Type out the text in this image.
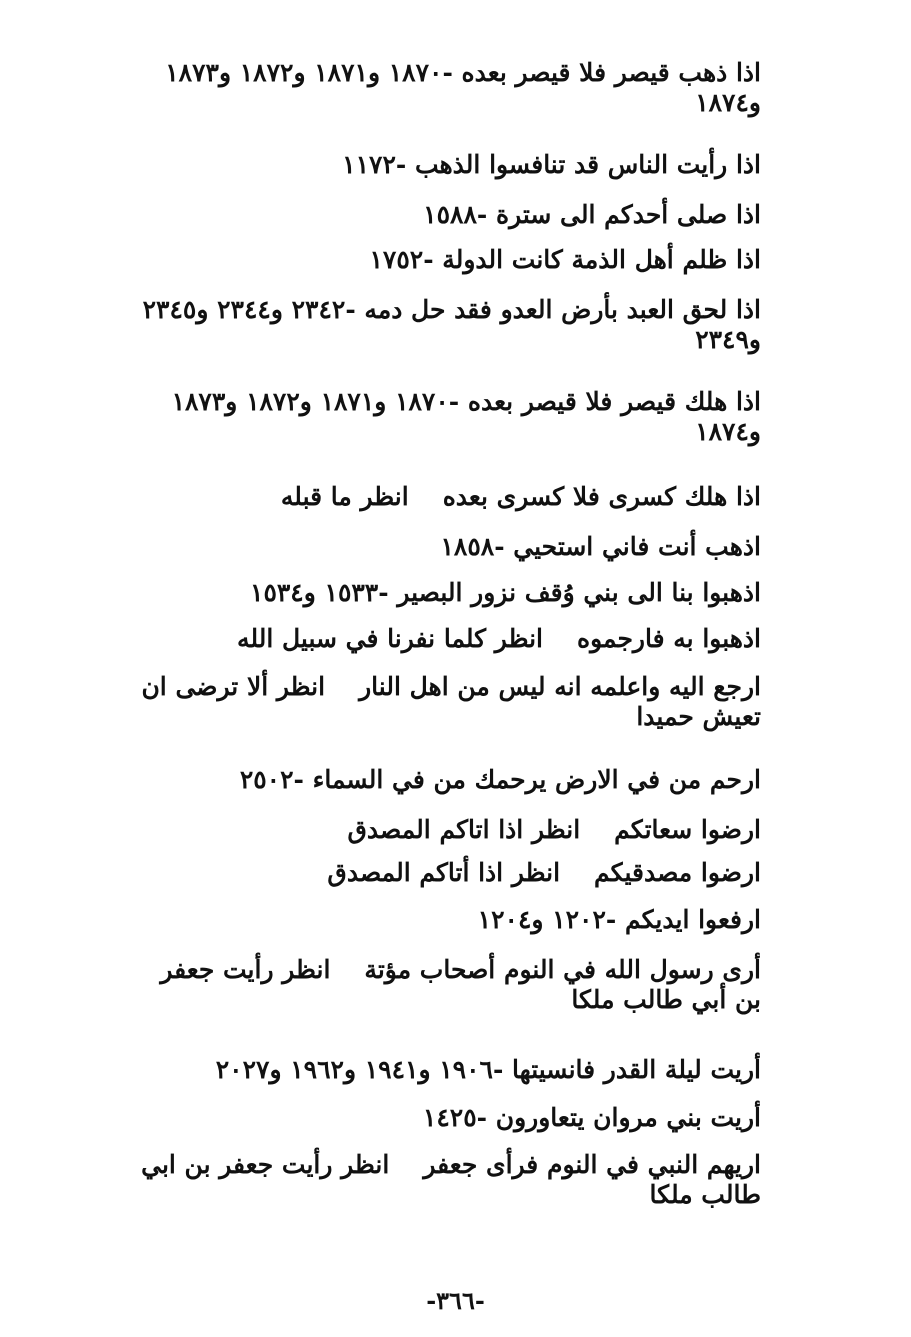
اذا ذهب قيصر فلا قيصر بعده -١٨٧٠ و١٨٧١ و١٨٧٢ و١٨٧٣ و١٨٧٤

اذا رأيت الناس قد تنافسوا الذهب -١١٧٢

اذا صلى أحدكم الى سترة -١٥٨٨

اذا ظلم أهل الذمة كانت الدولة -١٧٥٢

اذا لحق العبد بأرض العدو فقد حل دمه -٢٣٤٢ و٢٣٤٤ و٢٣٤٥ و٢٣٤٩

اذا هلك قيصر فلا قيصر بعده -١٨٧٠ و١٨٧١ و١٨٧٢ و١٨٧٣ و١٨٧٤

اذا هلك كسرى فلا كسرى بعدهانظر ما قبله

اذهب أنت فاني استحيي -١٨٥٨

اذهبوا بنا الى بني وُقف نزور البصير -١٥٣٣ و١٥٣٤

اذهبوا به فارجموهانظر كلما نفرنا في سبيل الله

ارجع اليه واعلمه انه ليس من اهل النارانظر ألا ترضى ان تعيش حميدا

ارحم من في الارض يرحمك من في السماء -٢٥٠٢

ارضوا سعاتكمانظر اذا اتاكم المصدق

ارضوا مصدقيكمانظر اذا أتاكم المصدق

ارفعوا ايديكم -١٢٠٢ و١٢٠٤

أرى رسول الله في النوم أصحاب مؤتةانظر رأيت جعفر بن أبي طالب ملكا

أريت ليلة القدر فانسيتها -١٩٠٦ و١٩٤١ و١٩٦٢ و٢٠٢٧

أريت بني مروان يتعاورون -١٤٢٥

اريهم النبي في النوم فرأى جعفرانظر رأيت جعفر بن ابي طالب ملكا

-٣٦٦-
